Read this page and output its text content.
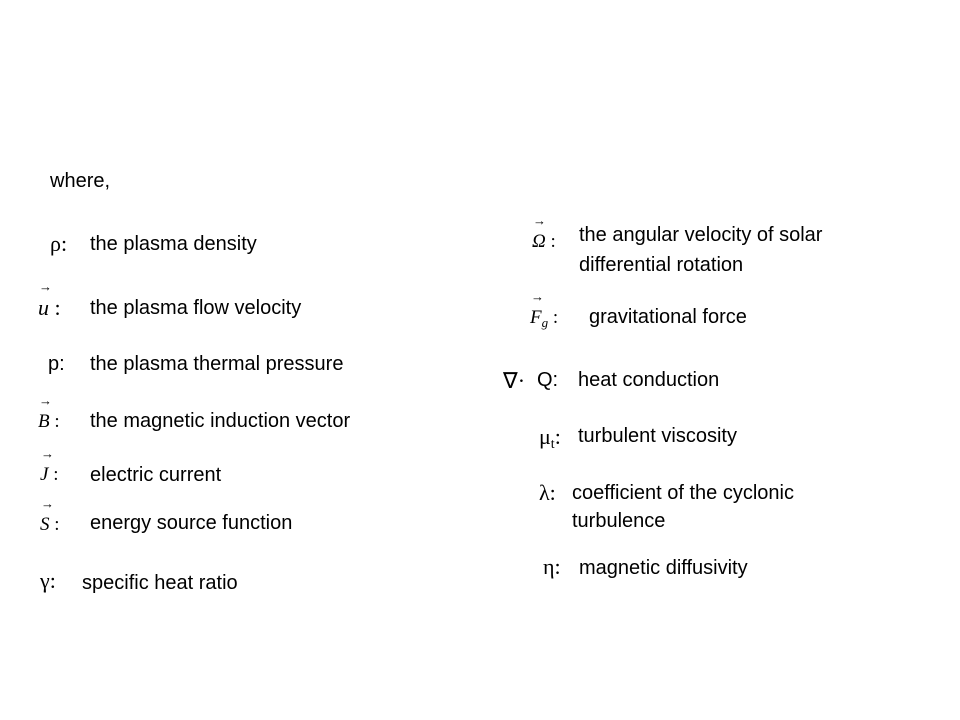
where,
ρ: the plasma density
→ u : the plasma flow velocity
p: the plasma thermal pressure
→ B : the magnetic induction vector
→ J : electric current
→ S : energy source function
γ: specific heat ratio
→ Ω : the angular velocity of solar
differential rotation
→ $F_g$ : gravitational force
∇· Q: heat conduction
μt: turbulent viscosity
λ: coefficient of the cyclonic
turbulence
η: magnetic diffusivity
